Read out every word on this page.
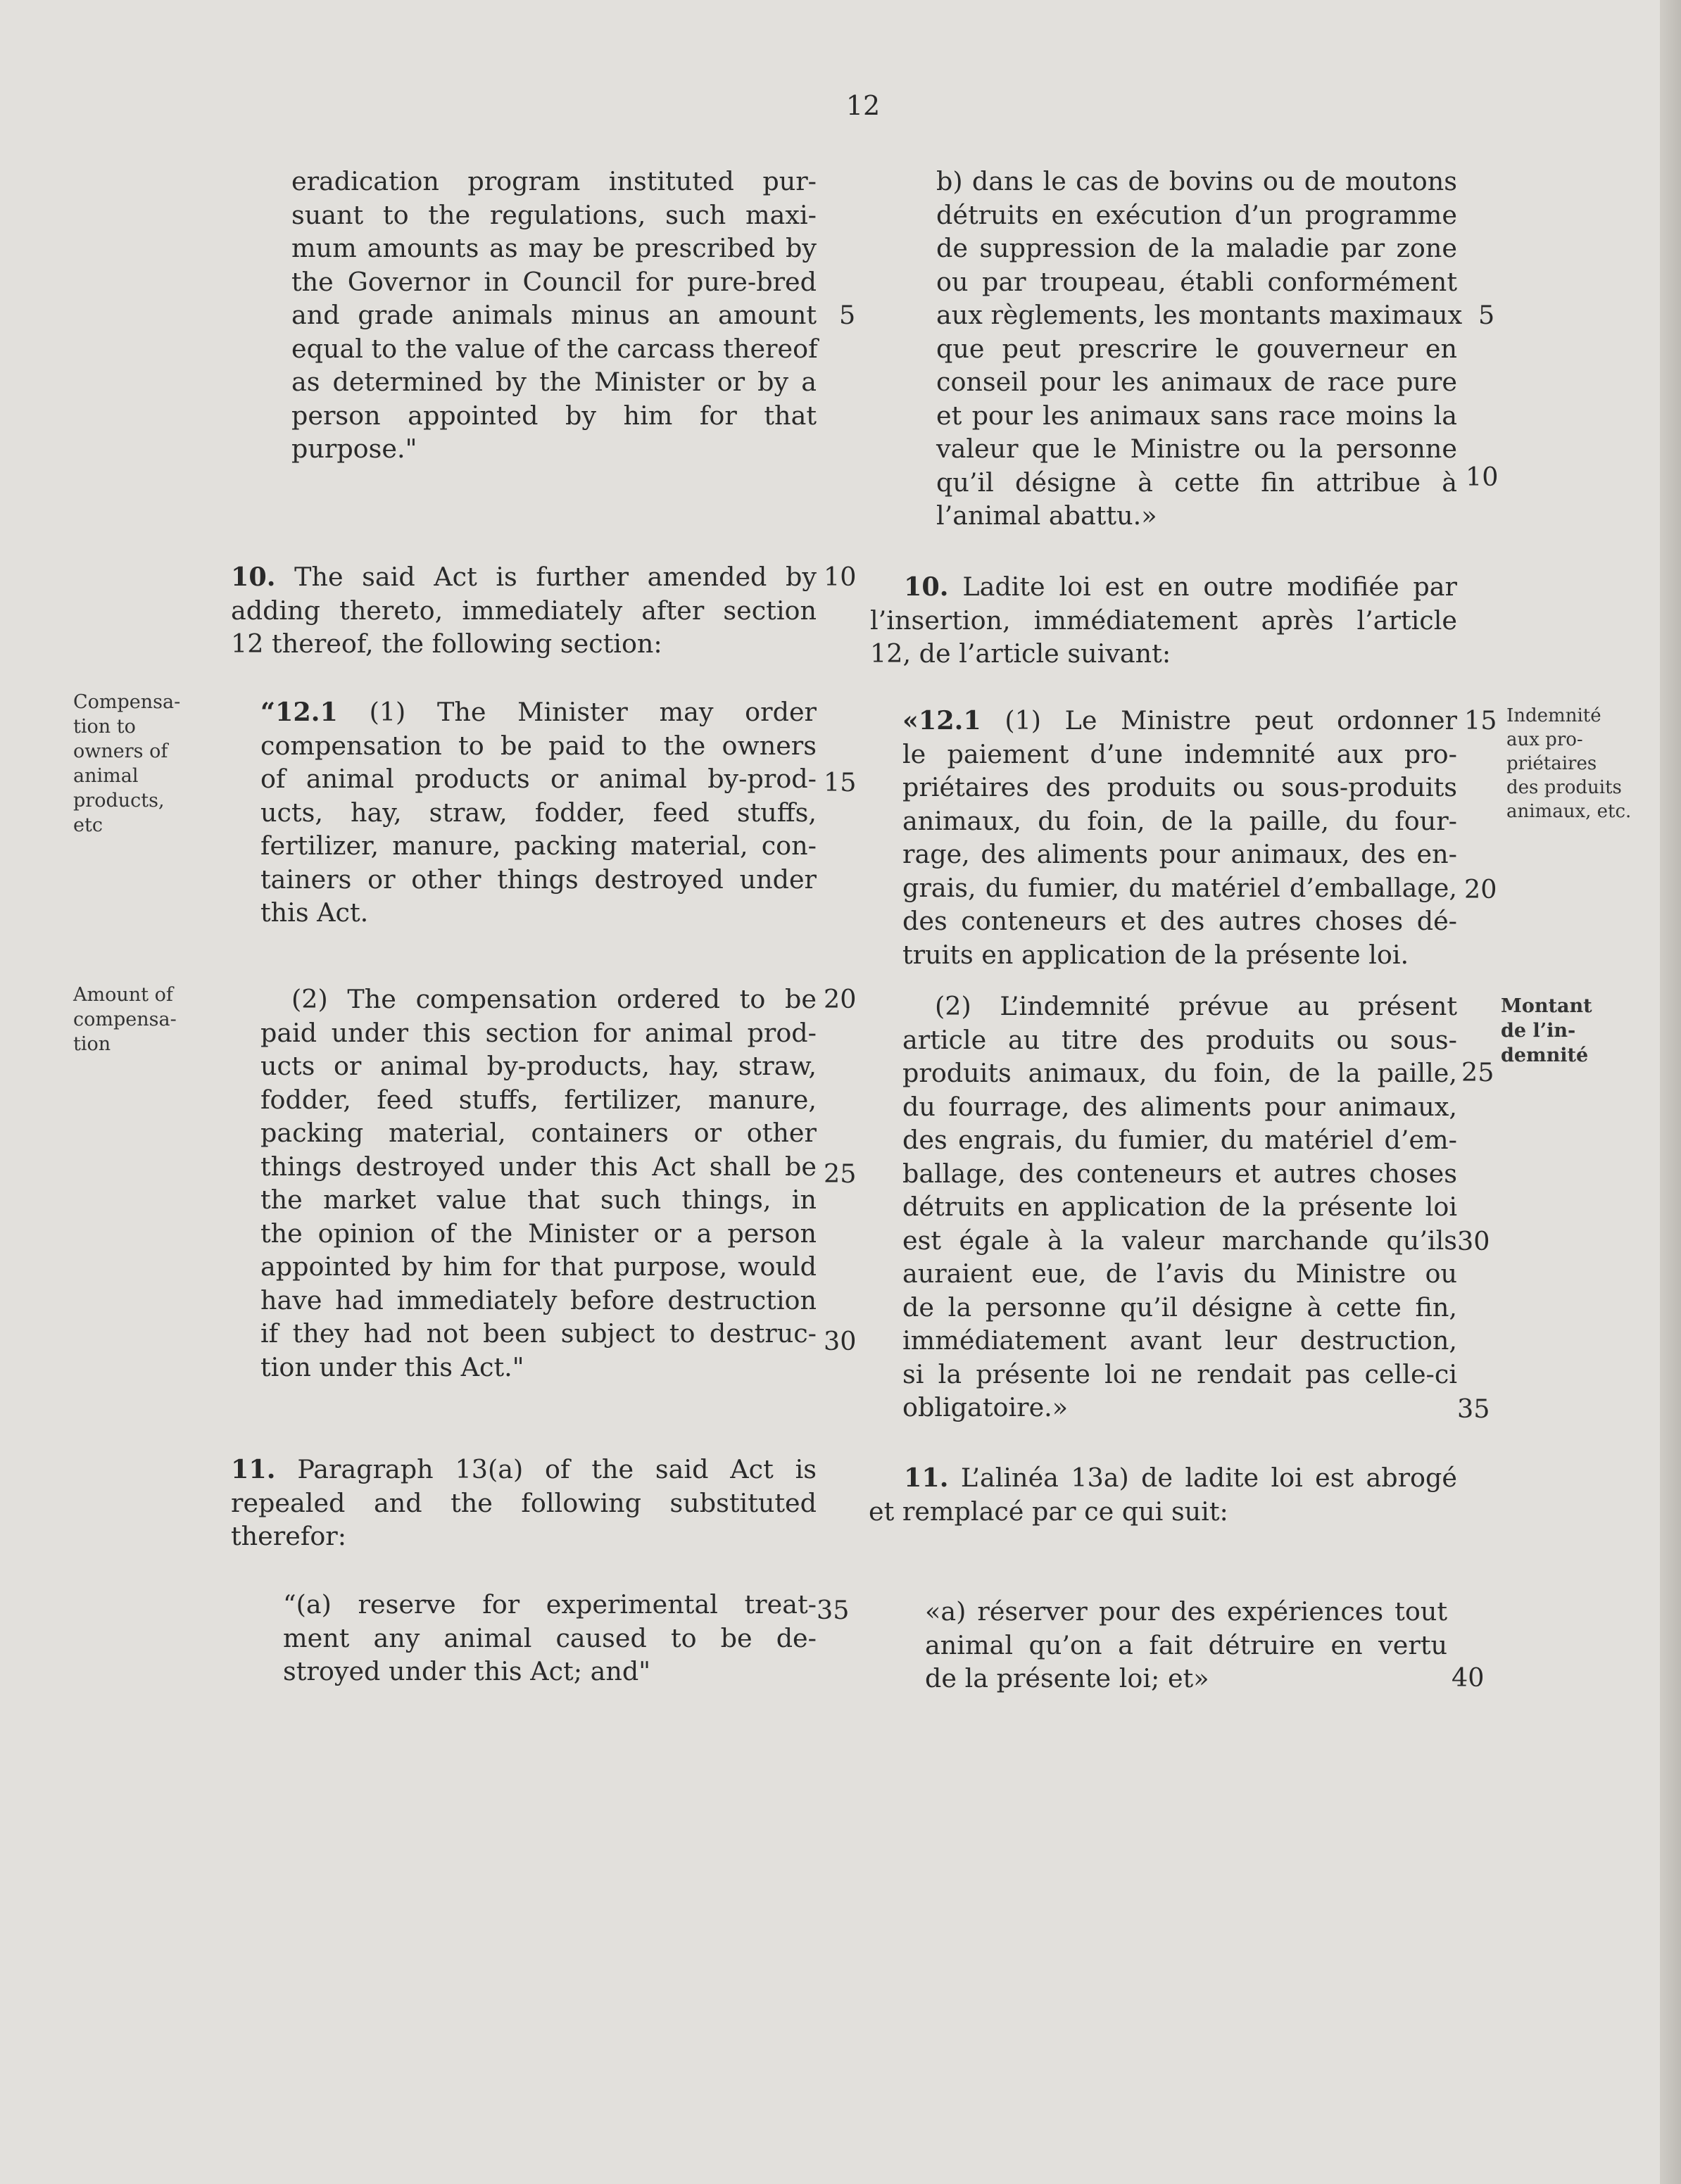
12
eradication program instituted pur-
suant to the regulations, such maxi-
mum amounts as may be prescribed by
the Governor in Council for pure-bred
and grade animals minus an amount
equal to the value of the carcass thereof
as determined by the Minister or by a
person appointed by him for that
purpose."
10. The said Act is further amended by
adding thereto, immediately after section
12 thereof, the following section:
“12.1 (1) The Minister may order
compensation to be paid to the owners
of animal products or animal by-prod-
ucts, hay, straw, fodder, feed stuffs,
fertilizer, manure, packing material, con-
tainers or other things destroyed under
this Act.
(2) The compensation ordered to be
paid under this section for animal prod-
ucts or animal by-products, hay, straw,
fodder, feed stuffs, fertilizer, manure,
packing material, containers or other
things destroyed under this Act shall be
the market value that such things, in
the opinion of the Minister or a person
appointed by him for that purpose, would
have had immediately before destruction
if they had not been subject to destruc-
tion under this Act."
11. Paragraph 13(a) of the said Act is
repealed and the following substituted
therefor:
“(a) reserve for experimental treat-
ment any animal caused to be de-
stroyed under this Act; and"
5
10
15
20
25
30
35
Compensa-
tion to
owners of
animal
products,
etc
Amount of
compensa-
tion
b) dans le cas de bovins ou de moutons
détruits en exécution d’un programme
de suppression de la maladie par zone
ou par troupeau, établi conformément
aux règlements, les montants maximaux
que peut prescrire le gouverneur en
conseil pour les animaux de race pure
et pour les animaux sans race moins la
valeur que le Ministre ou la personne
qu’il désigne à cette fin attribue à
l’animal abattu.»
10. Ladite loi est en outre modifiée par
l’insertion, immédiatement après l’article
12, de l’article suivant:
«12.1 (1) Le Ministre peut ordonner
le paiement d’une indemnité aux pro-
priétaires des produits ou sous-produits
animaux, du foin, de la paille, du four-
rage, des aliments pour animaux, des en-
grais, du fumier, du matériel d’emballage,
des conteneurs et des autres choses dé-
truits en application de la présente loi.
(2) L’indemnité prévue au présent
article au titre des produits ou sous-
produits animaux, du foin, de la paille,
du fourrage, des aliments pour animaux,
des engrais, du fumier, du matériel d’em-
ballage, des conteneurs et autres choses
détruits en application de la présente loi
est égale à la valeur marchande qu’ils
auraient eue, de l’avis du Ministre ou
de la personne qu’il désigne à cette fin,
immédiatement avant leur destruction,
si la présente loi ne rendait pas celle-ci
obligatoire.»
11. L’alinéa 13a) de ladite loi est abrogé
et remplacé par ce qui suit:
«a) réserver pour des expériences tout
animal qu’on a fait détruire en vertu
de la présente loi; et»
5
10
15
20
25
30
35
40
Indemnité
aux pro-
priétaires
des produits
animaux, etc.
Montant
de l’in-
demnité
